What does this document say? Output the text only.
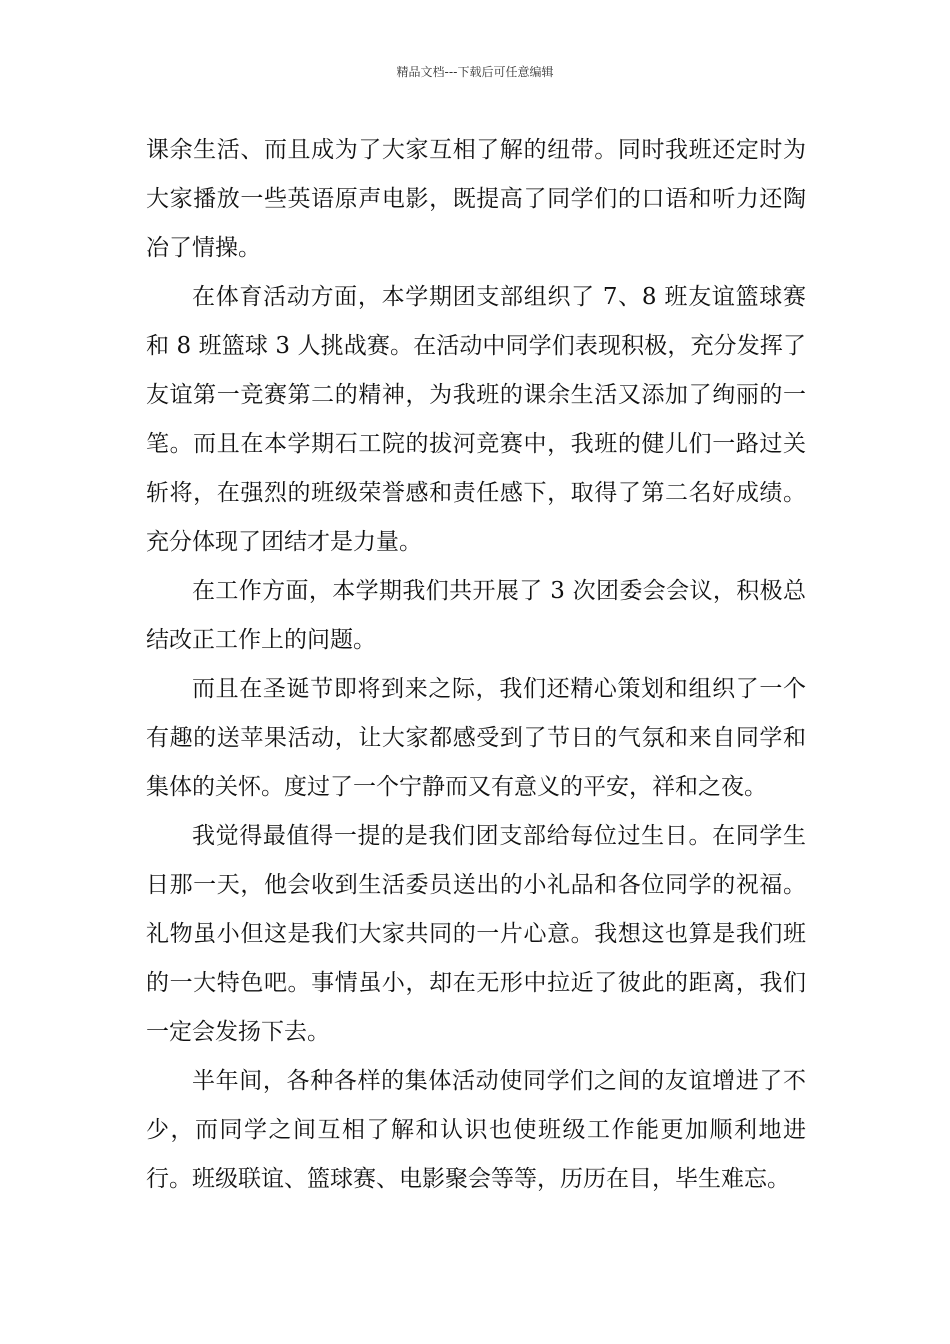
精品文档---下载后可任意编辑

课余生活、而且成为了大家互相了解的纽带。同时我班还定时为大家播放一些英语原声电影，既提高了同学们的口语和听力还陶冶了情操。

在体育活动方面，本学期团支部组织了 7、8 班友谊篮球赛和 8 班篮球 3 人挑战赛。在活动中同学们表现积极，充分发挥了友谊第一竞赛第二的精神，为我班的课余生活又添加了绚丽的一笔。而且在本学期石工院的拔河竞赛中，我班的健儿们一路过关斩将，在强烈的班级荣誉感和责任感下，取得了第二名好成绩。充分体现了团结才是力量。

在工作方面，本学期我们共开展了 3 次团委会会议，积极总结改正工作上的问题。

而且在圣诞节即将到来之际，我们还精心策划和组织了一个有趣的送苹果活动，让大家都感受到了节日的气氛和来自同学和集体的关怀。度过了一个宁静而又有意义的平安，祥和之夜。

我觉得最值得一提的是我们团支部给每位过生日。在同学生日那一天，他会收到生活委员送出的小礼品和各位同学的祝福。礼物虽小但这是我们大家共同的一片心意。我想这也算是我们班的一大特色吧。事情虽小，却在无形中拉近了彼此的距离，我们一定会发扬下去。

半年间，各种各样的集体活动使同学们之间的友谊增进了不少，而同学之间互相了解和认识也使班级工作能更加顺利地进行。班级联谊、篮球赛、电影聚会等等，历历在目，毕生难忘。
